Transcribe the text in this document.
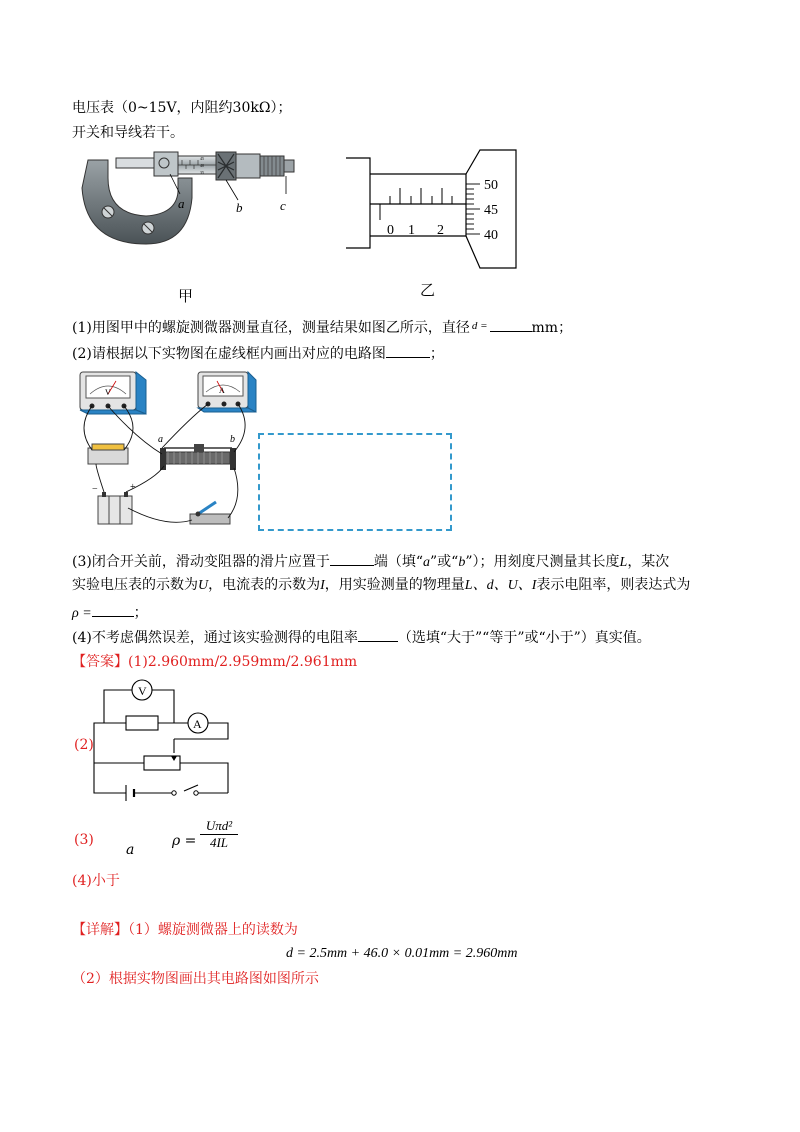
电压表（0~15V，内阻约30kΩ）；
开关和导线若干。
45
40
35
a	b	c
甲
0 1 2
50
45
40
乙
(1)用图甲中的螺旋测微器测量直径，测量结果如图乙所示，直径 $^{d =}$	mm；
(2)请根据以下实物图在虚线框内画出对应的电路图	；
V	A
a	b
−	+
(3)闭合开关前，滑动变阻器的滑片应置于	端（填“a”或“b”）；用刻度尺测量其长度L，某次
实验电压表的示数为U，电流表的示数为I，用实验测量的物理量L、d、U、I表示电阻率，则表达式为
ρ =	；
(4)不考虑偶然误差，通过该实验测得的电阻率	（选填“大于”“等于”或“小于”）真实值。
【答案】(1)2.960mm/2.959mm/2.961mm
(2)
V
A
(3)
a
ρ =
Uπd²
4IL
(4)小于
【详解】（1）螺旋测微器上的读数为
d = 2.5mm + 46.0 × 0.01mm = 2.960mm
（2）根据实物图画出其电路图如图所示
